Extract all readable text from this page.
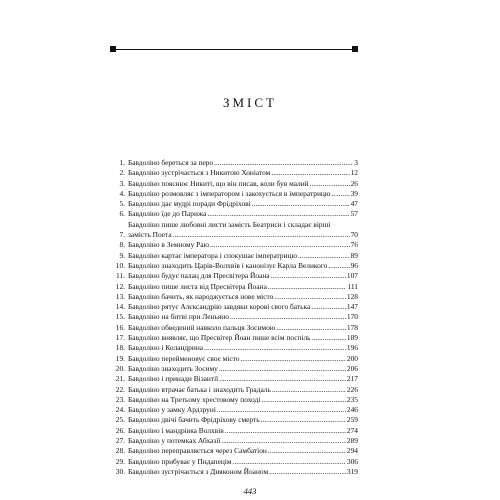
ЗМІСТ
1. Бавдоліно береться за перо .....	3
2. Бавдоліно зустрічається з Никитою Хонiатом .....	12
3. Бавдоліно пояснює Никиті, що він писав, коли був малий .....	26
4. Бавдоліно розмовляє з імператором і закохується в імператрицю .....	39
5. Бавдоліно дає мудрі поради Фрідріхові .....	47
6. Бавдоліно їде до Парижа .....	57
7.
Бавдоліно пише любовні листи замість Беатриси і складає вірші
замість Поета .....	70
8. Бавдоліно в Земному Раю .....	76
9. Бавдоліно картає імператора і спокушає імператрицю .....	89
10. Бавдоліно знаходить Царів-Волхвів і канонізує Карла Великого .....	96
11. Бавдоліно будує палац для Пресвітера Йоана .....	107
12. Бавдоліно пише листа від Пресвітера Йоана .....	111
13. Бавдоліно бачить, як народжується нове місто .....	128
14. Бавдоліно рятує Алєксандрію завдяки корові свого батька .....	147
15. Бавдоліно на битві при Леньяно .....	170
16. Бавдоліно обведений навколо пальця Зосимою .....	178
17. Бавдоліно виявляє, що Пресвітер Йоан пише всім поспіль .....	189
18. Бавдоліно і Коландрина .....	196
19. Бавдоліно перейменовує своє місто .....	200
20. Бавдоліно знаходить Зосиму .....	206
21. Бавдоліно і принади Візантії .....	217
22. Бавдоліно втрачає батька і знаходить Градаль .....	226
23. Бавдоліно на Третьому хрестовому поході .....	235
24. Бавдоліно у замку Ардзруні .....	246
25. Бавдоліно двічі бачить Фрідріхову смерть .....	259
26. Бавдоліно і мандрівка Волхвів .....	274
27. Бавдоліно у потемках Абхазії .....	289
28. Бавдоліно переправляється через Самбатіон .....	294
29. Бавдоліно прибуває у Пндапецім .....	306
30. Бавдоліно зустрічається з Дияконом Йоаном .....	319
443
